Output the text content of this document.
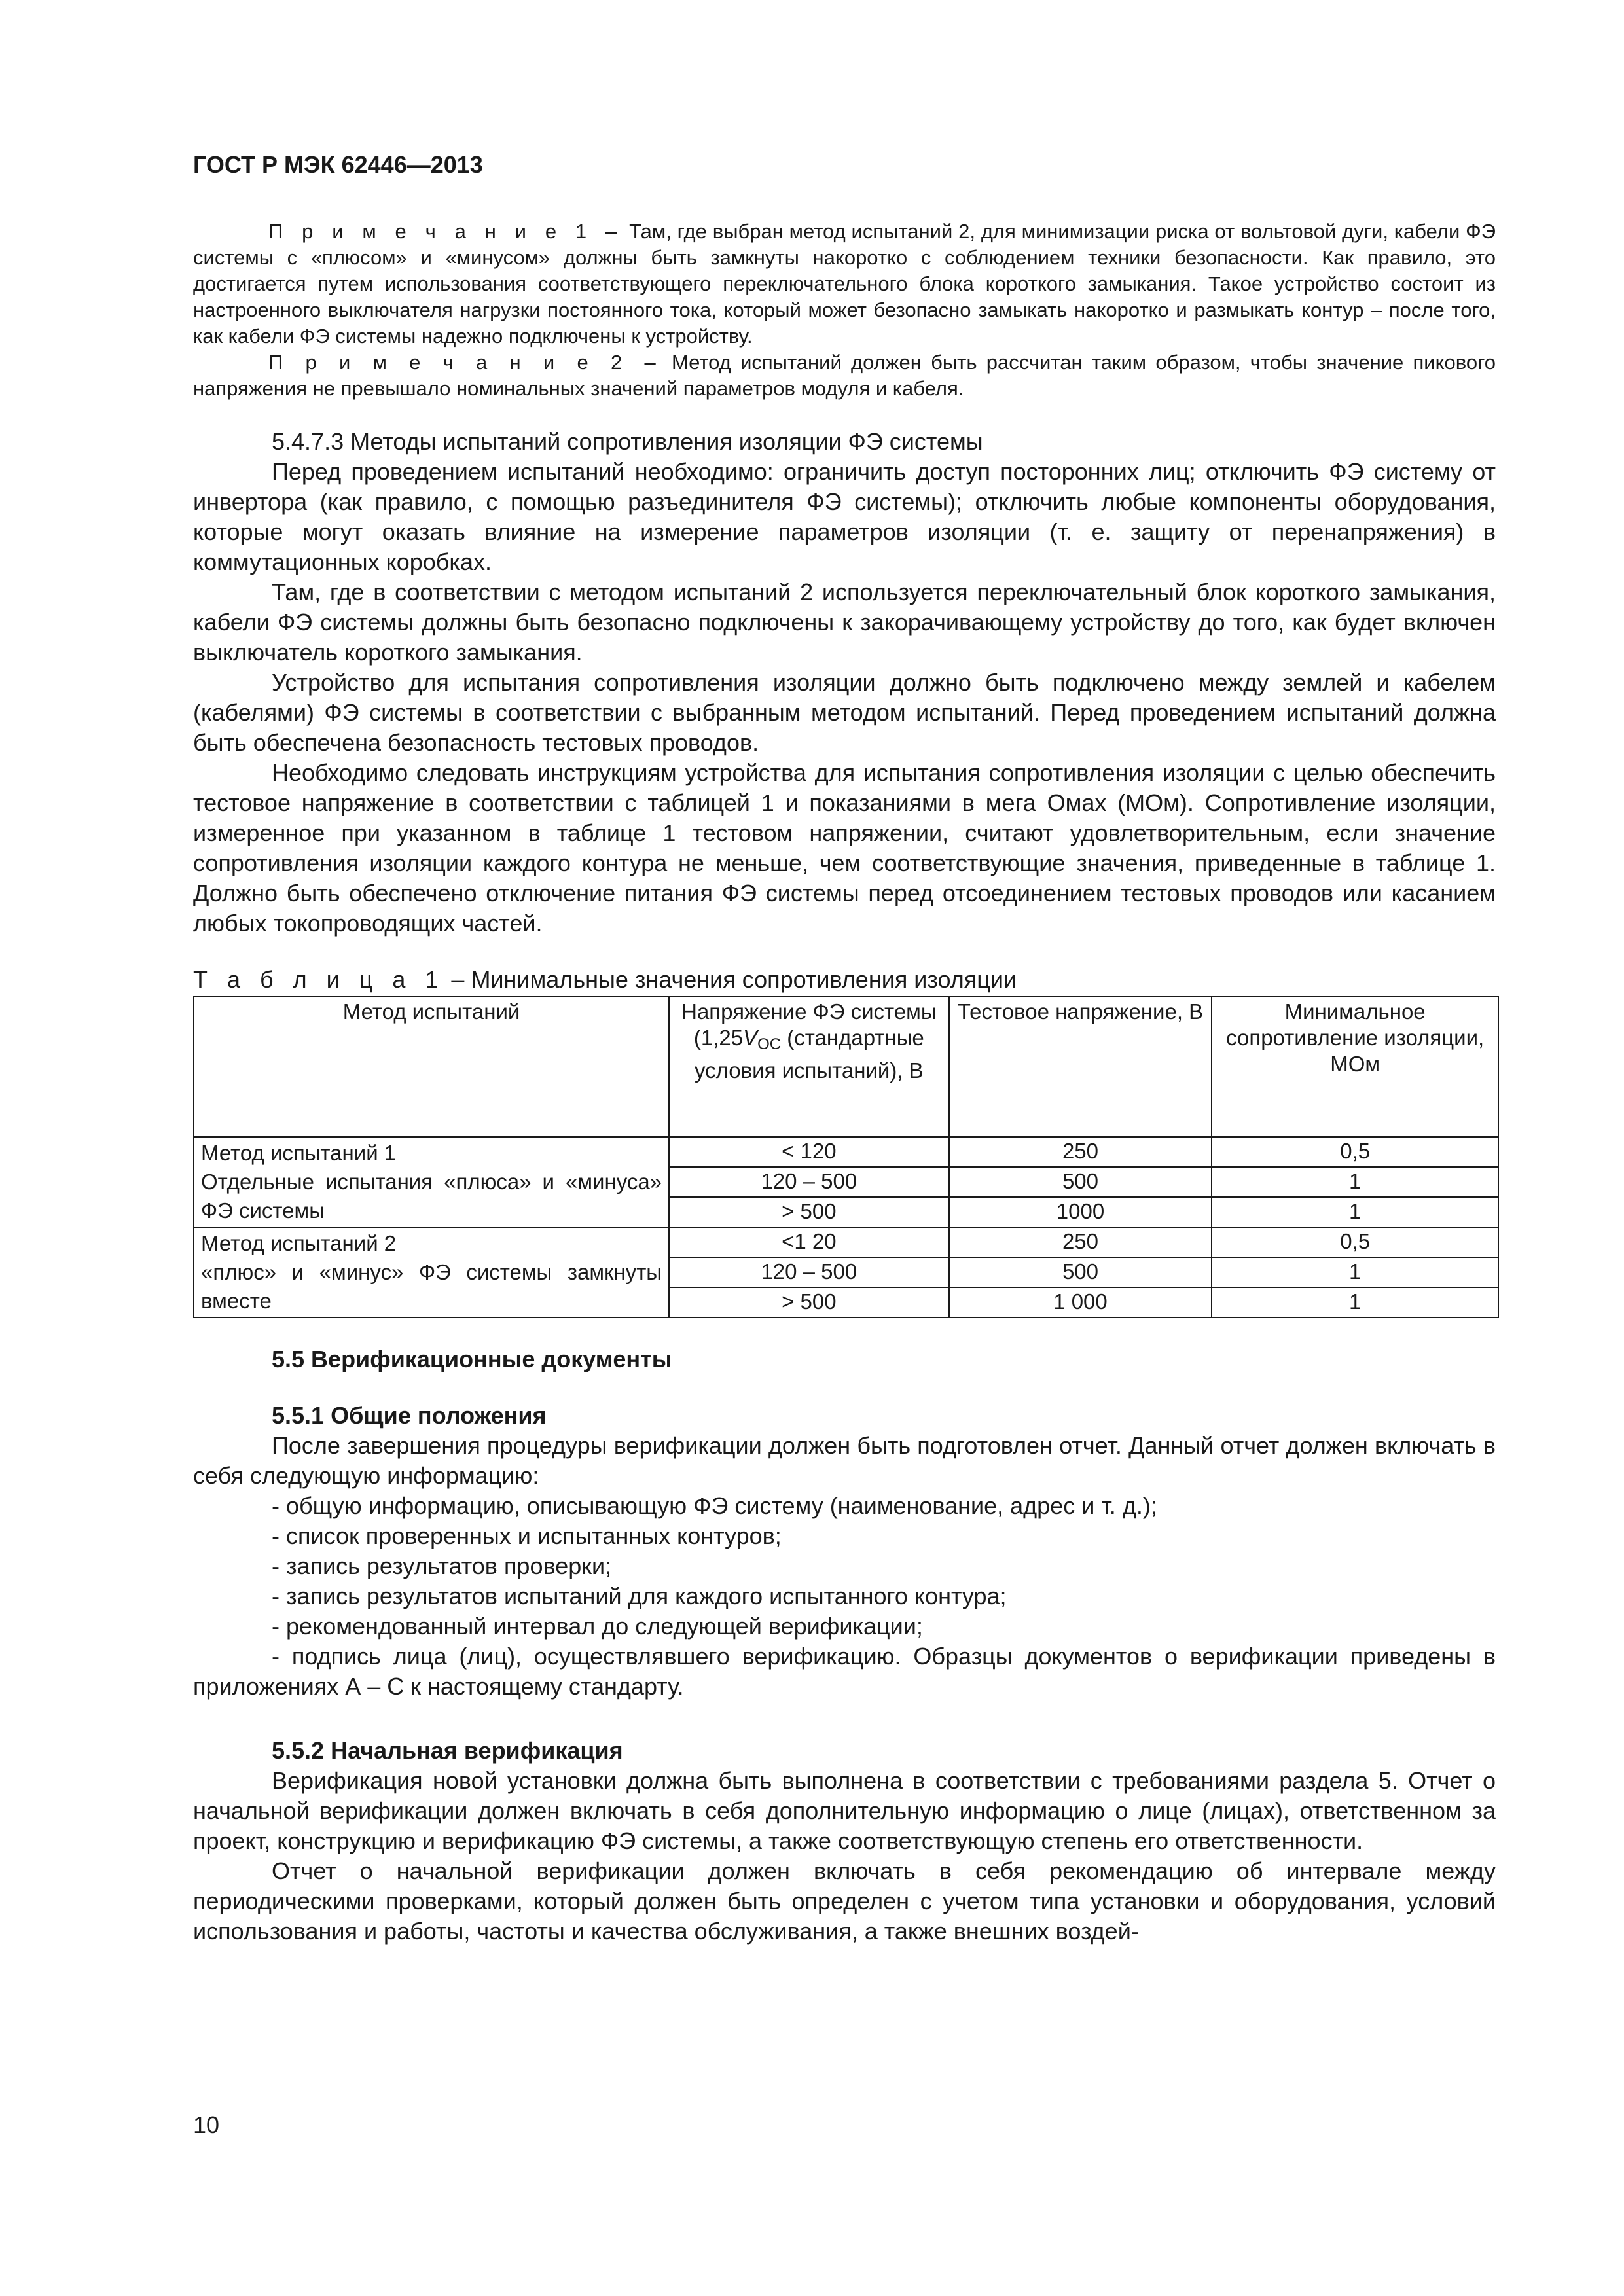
ГОСТ Р МЭК 62446—2013

П р и м е ч а н и е 1 – Там, где выбран метод испытаний 2, для минимизации риска от вольтовой дуги, кабели ФЭ системы с «плюсом» и «минусом» должны быть замкнуты накоротко с соблюдением техники безопасности. Как правило, это достигается путем использования соответствующего переключательного блока короткого замыкания. Такое устройство состоит из настроенного выключателя нагрузки постоянного тока, который может безопасно замыкать накоротко и размыкать контур – после того, как кабели ФЭ системы надежно подключены к устройству.

П р и м е ч а н и е 2 – Метод испытаний должен быть рассчитан таким образом, чтобы значение пикового напряжения не превышало номинальных значений параметров модуля и кабеля.

5.4.7.3 Методы испытаний сопротивления изоляции ФЭ системы

Перед проведением испытаний необходимо: ограничить доступ посторонних лиц; отключить ФЭ систему от инвертора (как правило, с помощью разъединителя ФЭ системы); отключить любые компоненты оборудования, которые могут оказать влияние на измерение параметров изоляции (т. е. защиту от перенапряжения) в коммутационных коробках.

Там, где в соответствии с методом испытаний 2 используется переключательный блок короткого замыкания, кабели ФЭ системы должны быть безопасно подключены к закорачивающему устройству до того, как будет включен выключатель короткого замыкания.

Устройство для испытания сопротивления изоляции должно быть подключено между землей и кабелем (кабелями) ФЭ системы в соответствии с выбранным методом испытаний. Перед проведением испытаний должна быть обеспечена безопасность тестовых проводов.

Необходимо следовать инструкциям устройства для испытания сопротивления изоляции с целью обеспечить тестовое напряжение в соответствии с таблицей 1 и показаниями в мега Омах (МОм). Сопротивление изоляции, измеренное при указанном в таблице 1 тестовом напряжении, считают удовлетворительным, если значение сопротивления изоляции каждого контура не меньше, чем соответствующие значения, приведенные в таблице 1. Должно быть обеспечено отключение питания ФЭ системы перед отсоединением тестовых проводов или касанием любых токопроводящих частей.

Т а б л и ц а 1 – Минимальные значения сопротивления изоляции

Метод испытаний	Напряжение ФЭ системы ($1,25V_{OC}$ (стандартные условия испытаний), В	Тестовое напряжение, В	Минимальное сопротивление изоляции, МОм

Метод испытаний 1
Отдельные испытания «плюса» и «минуса» ФЭ системы	< 120	250	0,5
	120 – 500	500	1
	> 500	1000	1

Метод испытаний 2
«плюс» и «минус» ФЭ системы замкнуты вместе	<1 20	250	0,5
	120 – 500	500	1
	> 500	1 000	1

5.5 Верификационные документы

5.5.1 Общие положения

После завершения процедуры верификации должен быть подготовлен отчет. Данный отчет должен включать в себя следующую информацию:

- общую информацию, описывающую ФЭ систему (наименование, адрес и т. д.);

- список проверенных и испытанных контуров;

- запись результатов проверки;

- запись результатов испытаний для каждого испытанного контура;

- рекомендованный интервал до следующей верификации;

- подпись лица (лиц), осуществлявшего верификацию. Образцы документов о верификации приведены в приложениях А – С к настоящему стандарту.

5.5.2 Начальная верификация

Верификация новой установки должна быть выполнена в соответствии с требованиями раздела 5. Отчет о начальной верификации должен включать в себя дополнительную информацию о лице (лицах), ответственном за проект, конструкцию и верификацию ФЭ системы, а также соответствующую степень его ответственности.

Отчет о начальной верификации должен включать в себя рекомендацию об интервале между периодическими проверками, который должен быть определен с учетом типа установки и оборудования, условий использования и работы, частоты и качества обслуживания, а также внешних воздей-

10
